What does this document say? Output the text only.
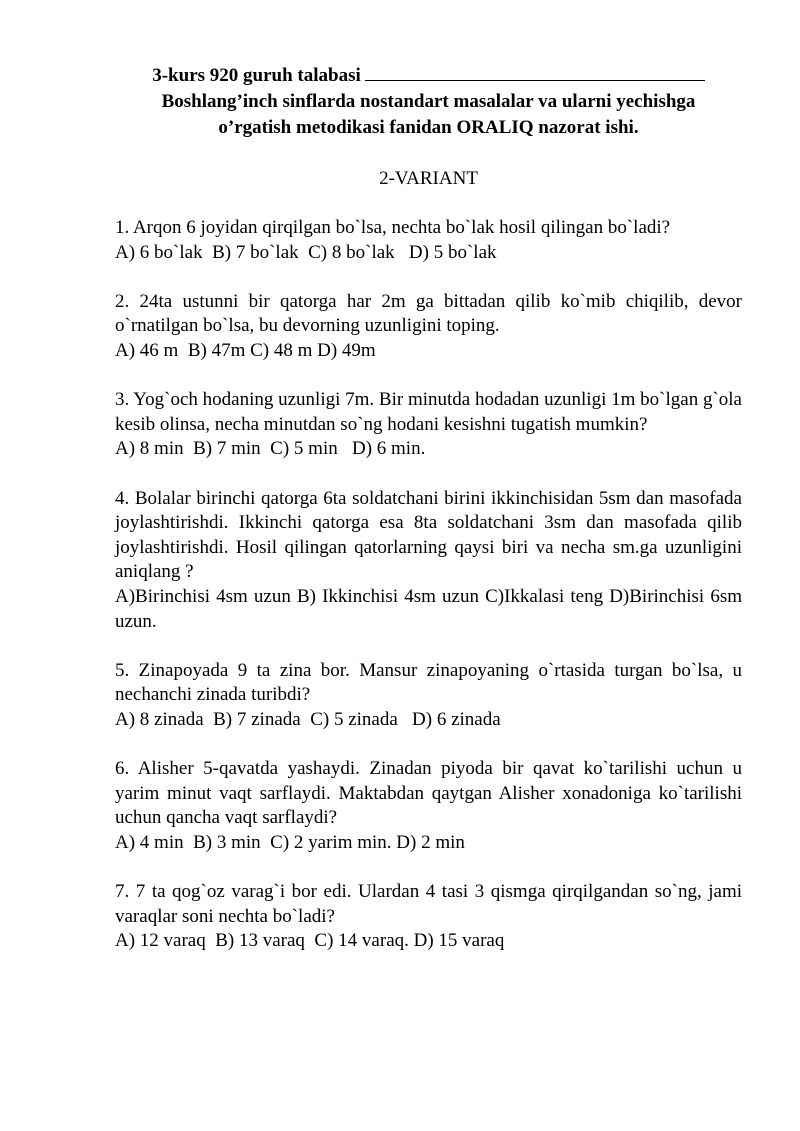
3-kurs 920 guruh talabasi
Boshlang’inch sinflarda nostandart masalalar va ularni yechishga
o’rgatish metodikasi fanidan ORALIQ nazorat ishi.
2-VARIANT
1. Arqon 6 joyidan qirqilgan bo`lsa, nechta bo`lak hosil qilingan bo`ladi?
A) 6 bo`lak  B) 7 bo`lak  C) 8 bo`lak   D) 5 bo`lak
2. 24ta ustunni bir qatorga har 2m ga bittadan qilib ko`mib chiqilib, devor o`rnatilgan bo`lsa, bu devorning uzunligini toping.
A) 46 m  B) 47m C) 48 m D) 49m
3. Yog`och hodaning uzunligi 7m. Bir minutda hodadan uzunligi 1m bo`lgan g`ola kesib olinsa, necha minutdan so`ng hodani kesishni tugatish mumkin?
A) 8 min  B) 7 min  C) 5 min   D) 6 min.
4. Bolalar birinchi qatorga 6ta soldatchani birini ikkinchisidan 5sm dan masofada joylashtirishdi. Ikkinchi qatorga esa 8ta soldatchani 3sm dan masofada qilib joylashtirishdi. Hosil qilingan qatorlarning qaysi biri va necha sm.ga uzunligini aniqlang ?
A)Birinchisi 4sm uzun B) Ikkinchisi 4sm uzun C)Ikkalasi teng D)Birinchisi 6sm uzun.
5. Zinapoyada 9 ta zina bor. Mansur zinapoyaning o`rtasida turgan bo`lsa, u nechanchi zinada turibdi?
A) 8 zinada  B) 7 zinada  C) 5 zinada   D) 6 zinada
6. Alisher 5-qavatda yashaydi. Zinadan piyoda bir qavat ko`tarilishi uchun u yarim minut vaqt sarflaydi. Maktabdan qaytgan Alisher xonadoniga ko`tarilishi uchun qancha vaqt sarflaydi?
A) 4 min  B) 3 min  C) 2 yarim min. D) 2 min
7. 7 ta qog`oz varag`i bor edi. Ulardan 4 tasi 3 qismga qirqilgandan so`ng, jami varaqlar soni nechta bo`ladi?
A) 12 varaq  B) 13 varaq  C) 14 varaq. D) 15 varaq
